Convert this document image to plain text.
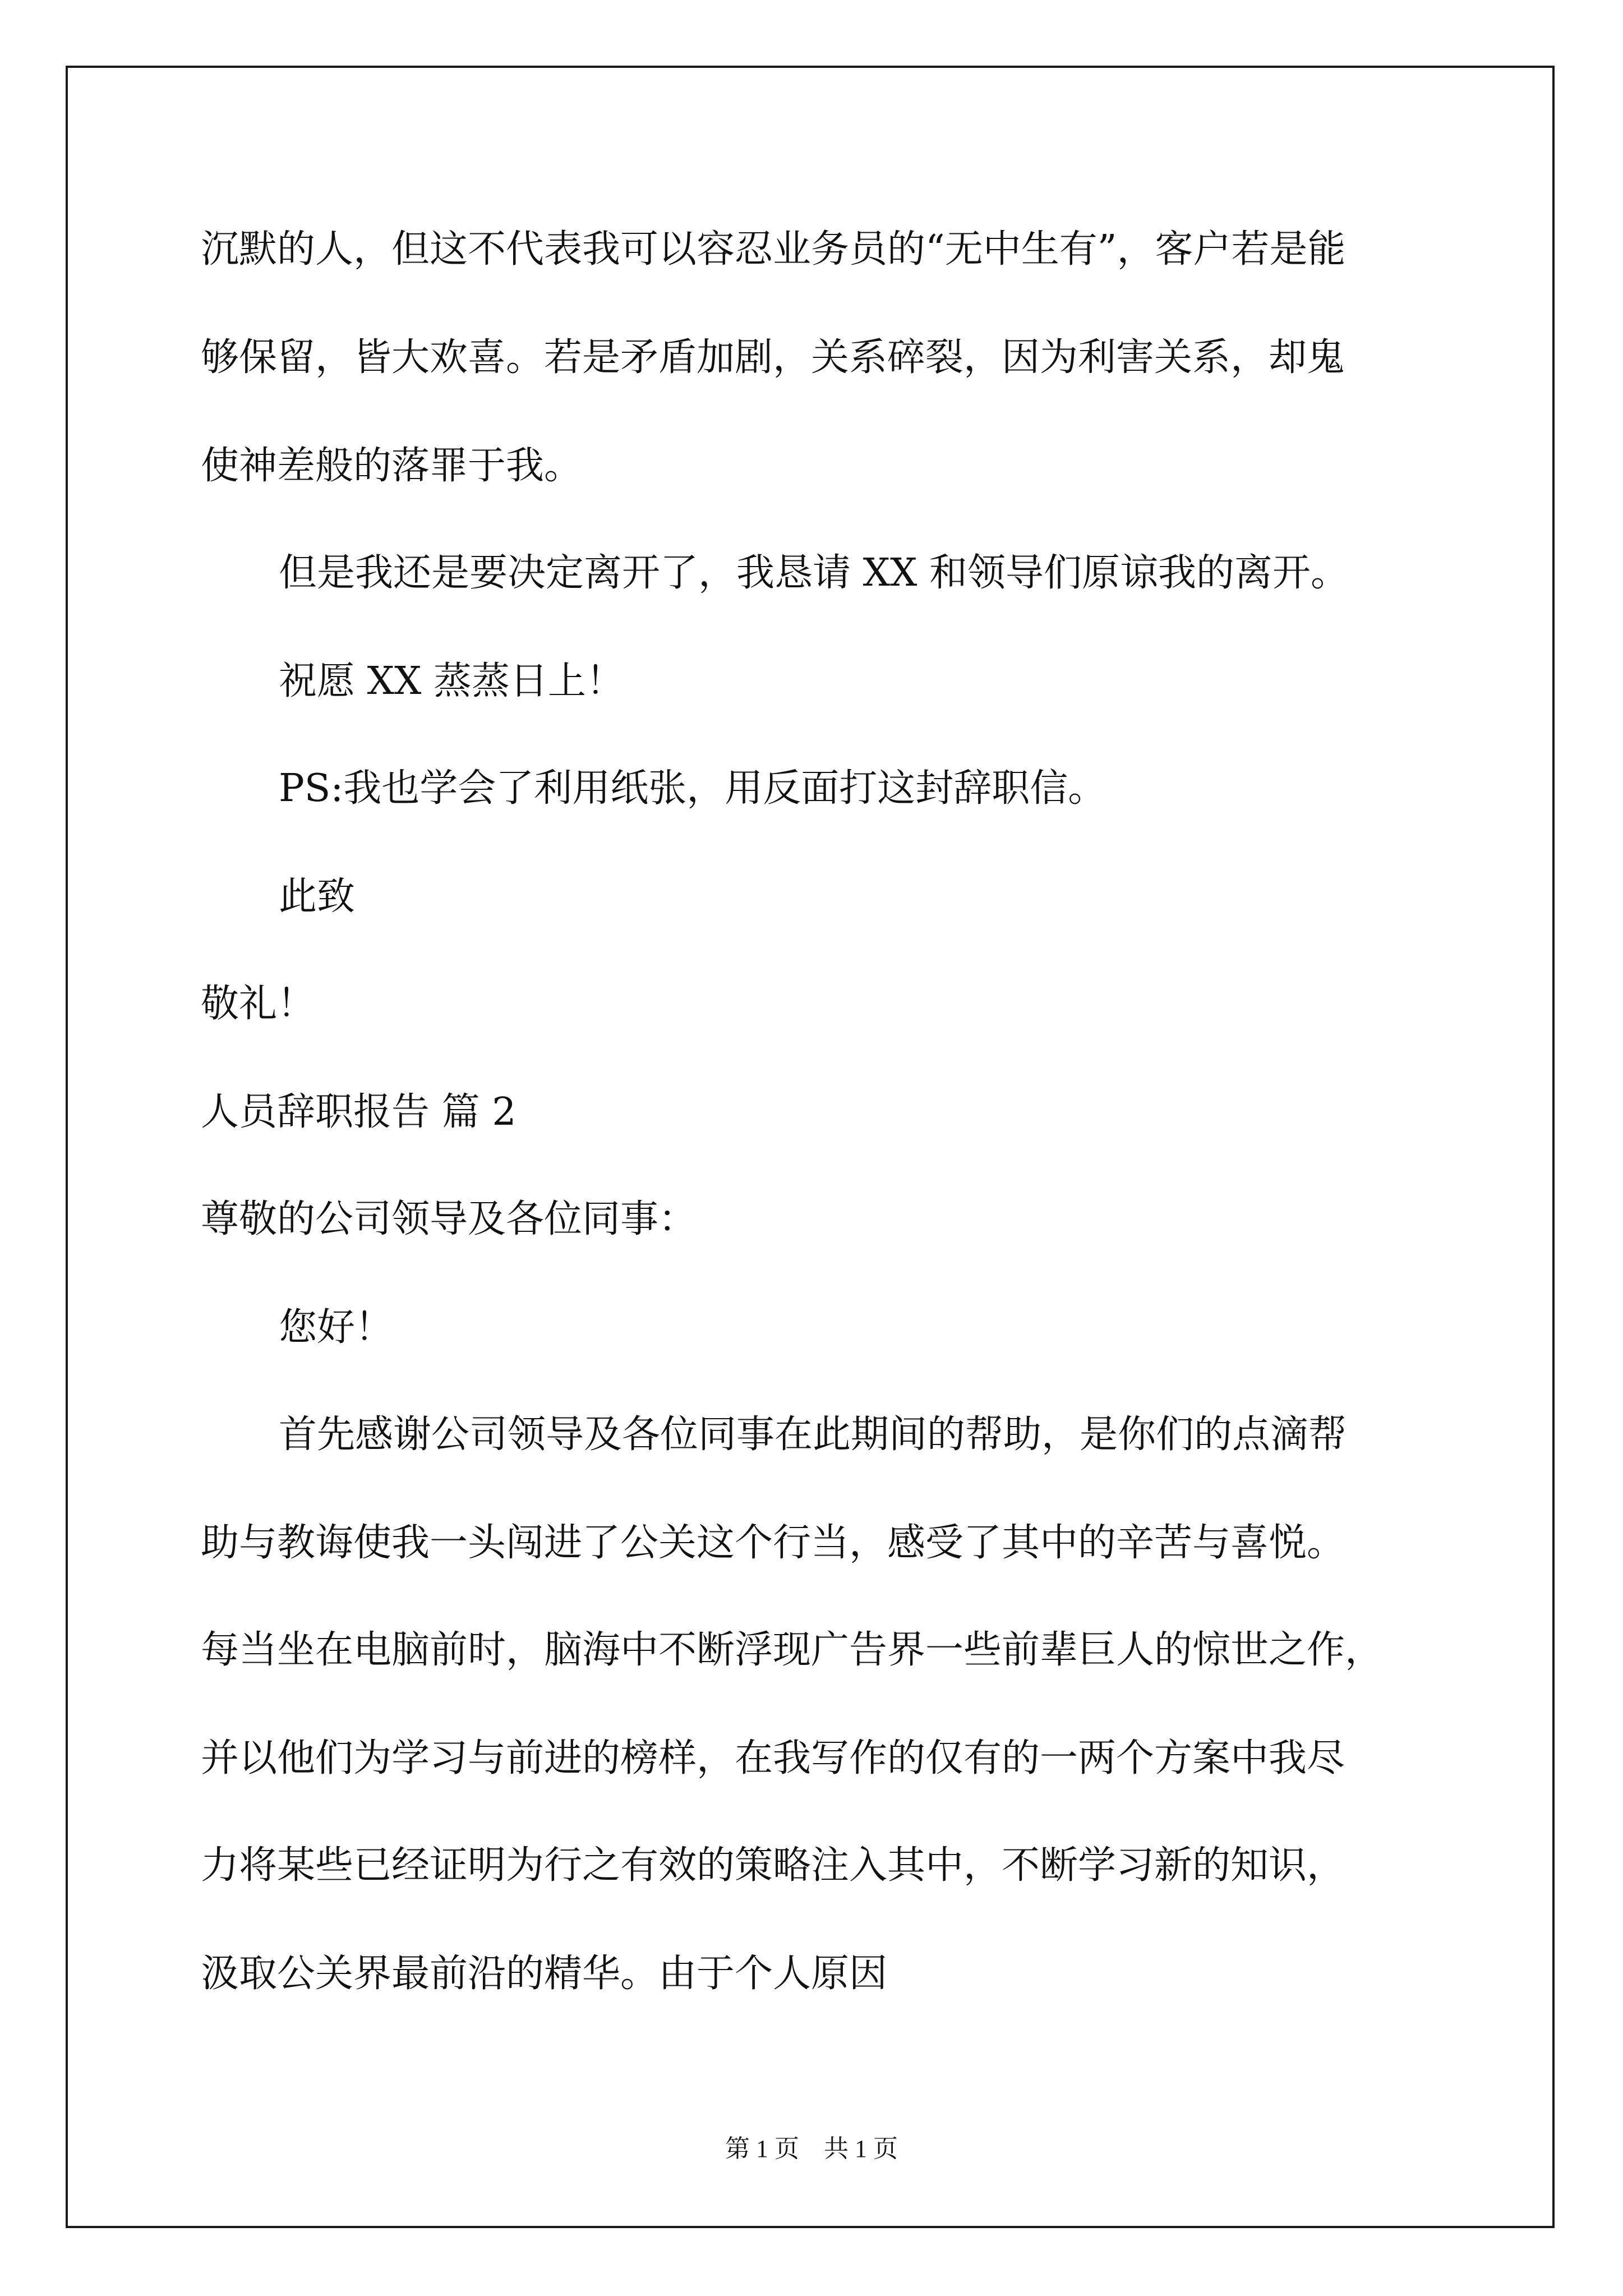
沉默的人，但这不代表我可以容忍业务员的“无中生有”，客户若是能
够保留，皆大欢喜。若是矛盾加剧，关系碎裂，因为利害关系，却鬼
使神差般的落罪于我。
但是我还是要决定离开了，我恳请 XX 和领导们原谅我的离开。
祝愿 XX 蒸蒸日上！
PS:我也学会了利用纸张，用反面打这封辞职信。
此致
敬礼！
人员辞职报告 篇 2
尊敬的公司领导及各位同事：
您好！
首先感谢公司领导及各位同事在此期间的帮助，是你们的点滴帮
助与教诲使我一头闯进了公关这个行当，感受了其中的辛苦与喜悦。
每当坐在电脑前时，脑海中不断浮现广告界一些前辈巨人的惊世之作，
并以他们为学习与前进的榜样，在我写作的仅有的一两个方案中我尽
力将某些已经证明为行之有效的策略注入其中，不断学习新的知识，
汲取公关界最前沿的精华。由于个人原因
第 1 页　共 1 页
